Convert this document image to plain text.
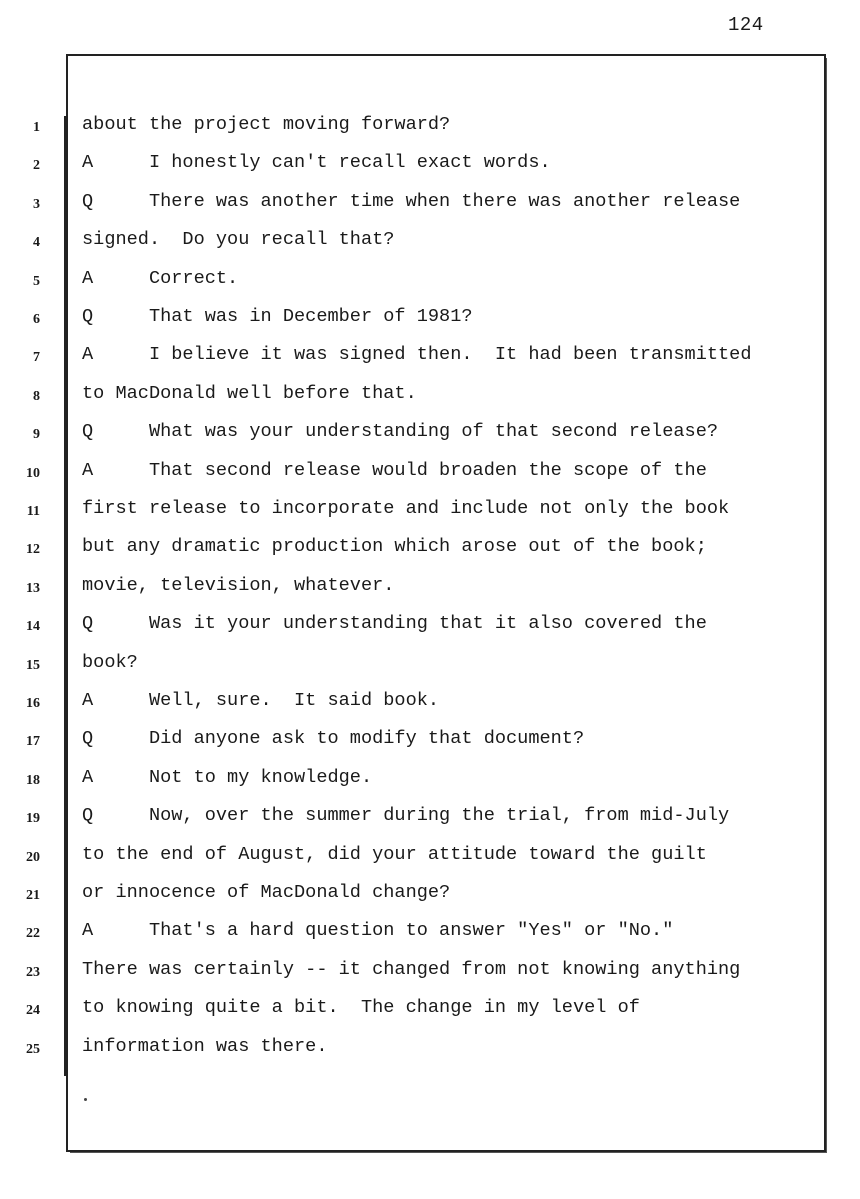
124
1 about the project moving forward?
2 A     I honestly can't recall exact words.
3 Q     There was another time when there was another release
4 signed.  Do you recall that?
5 A     Correct.
6 Q     That was in December of 1981?
7 A     I believe it was signed then.  It had been transmitted
8 to MacDonald well before that.
9 Q     What was your understanding of that second release?
10 A     That second release would broaden the scope of the
11 first release to incorporate and include not only the book
12 but any dramatic production which arose out of the book;
13 movie, television, whatever.
14 Q     Was it your understanding that it also covered the
15 book?
16 A     Well, sure.  It said book.
17 Q     Did anyone ask to modify that document?
18 A     Not to my knowledge.
19 Q     Now, over the summer during the trial, from mid-July
20 to the end of August, did your attitude toward the guilt
21 or innocence of MacDonald change?
22 A     That's a hard question to answer "Yes" or "No."
23 There was certainly -- it changed from not knowing anything
24 to knowing quite a bit.  The change in my level of
25 information was there.
